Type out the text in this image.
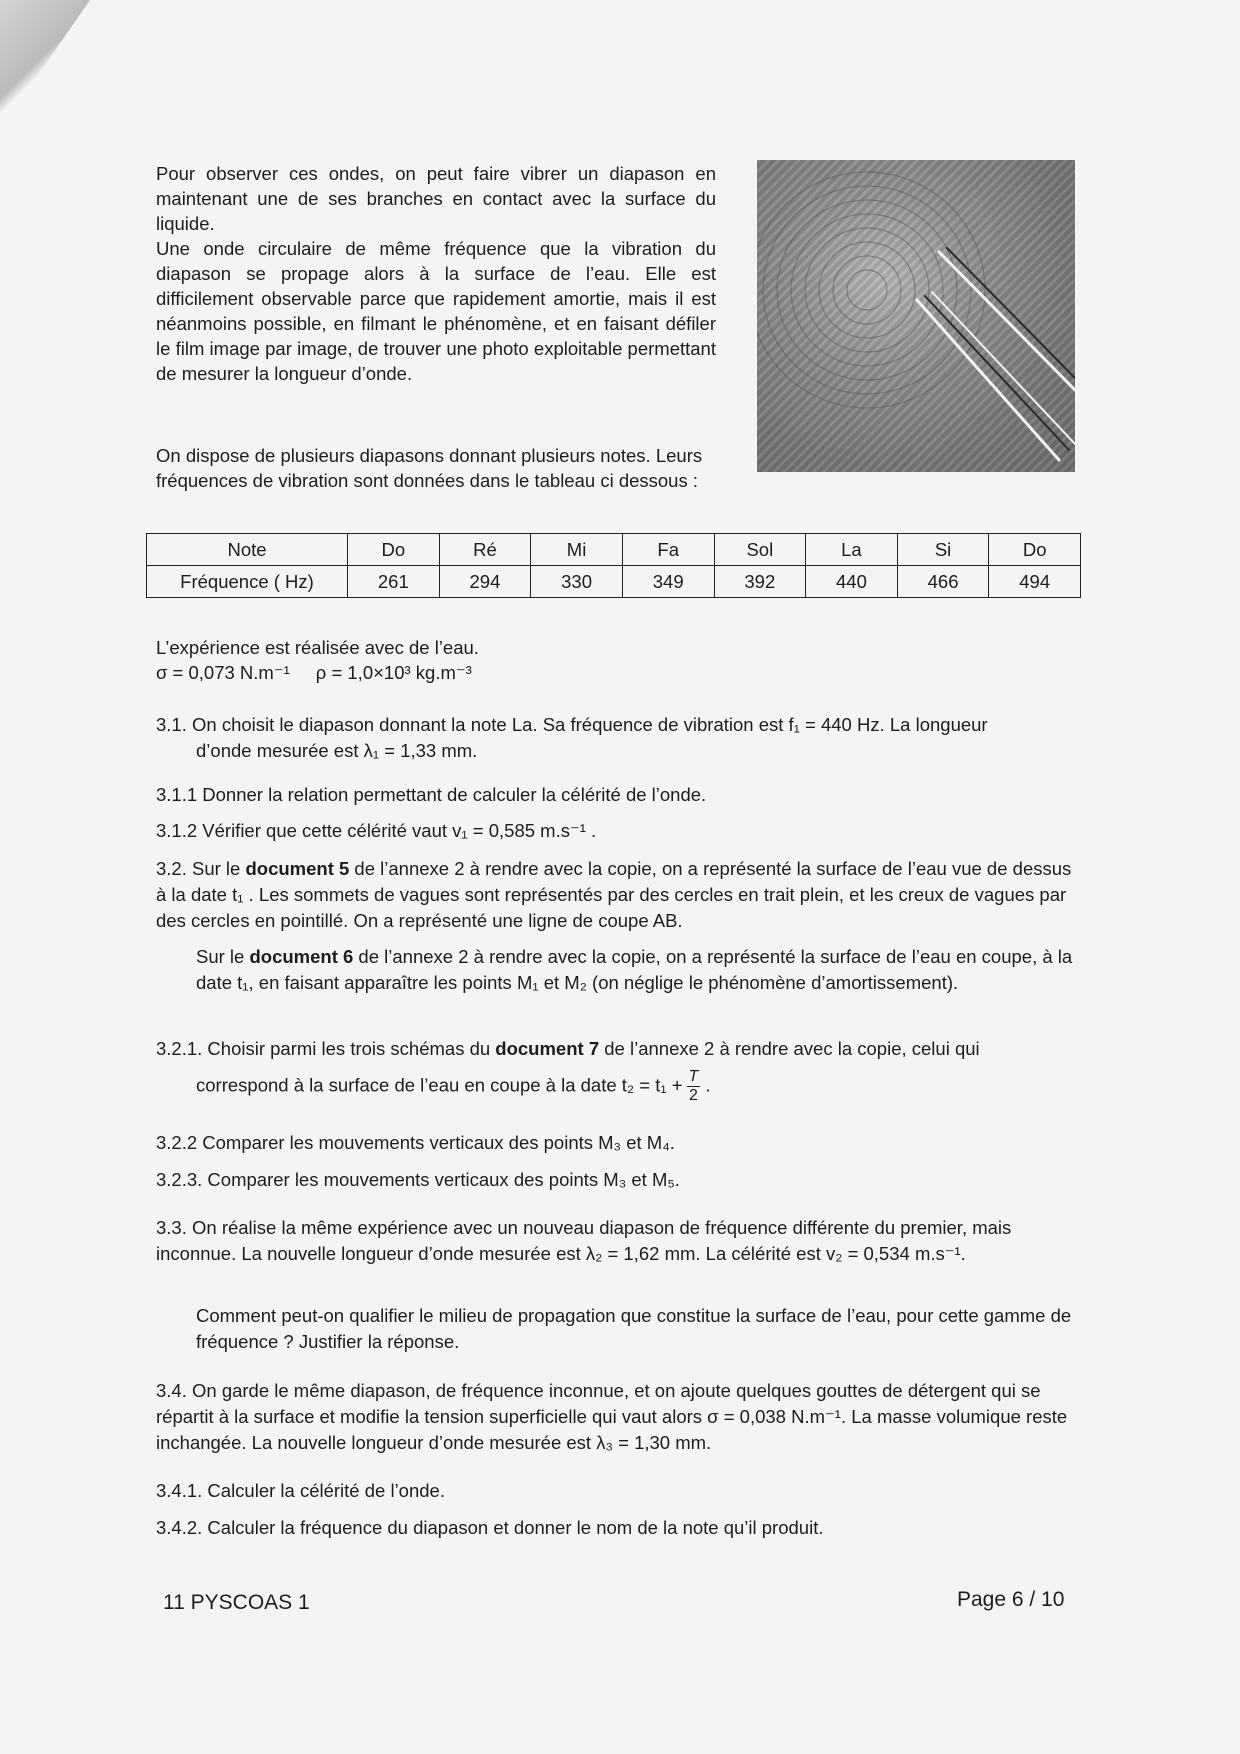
Pour observer ces ondes, on peut faire vibrer un diapason en maintenant une de ses branches en contact avec la surface du liquide.
Une onde circulaire de même fréquence que la vibration du diapason se propage alors à la surface de l’eau. Elle est difficilement observable parce que rapidement amortie, mais il est néanmoins possible, en filmant le phénomène, et en faisant défiler le film image par image, de trouver une photo exploitable permettant de mesurer la longueur d’onde.
On dispose de plusieurs diapasons donnant plusieurs notes. Leurs fréquences de vibration sont données dans le tableau ci dessous :
Note	Do	Ré	Mi	Fa	Sol	La	Si	Do
Fréquence ( Hz)	261	294	330	349	392	440	466	494
L’expérience est réalisée avec de l’eau.
σ = 0,073 N.m⁻¹ ρ = 1,0×10³ kg.m⁻³
3.1. On choisit le diapason donnant la note La. Sa fréquence de vibration est f₁ = 440 Hz. La longueur
d’onde mesurée est λ₁ = 1,33 mm.
3.1.1 Donner la relation permettant de calculer la célérité de l’onde.
3.1.2 Vérifier que cette célérité vaut v₁ = 0,585 m.s⁻¹ .
3.2. Sur le document 5 de l’annexe 2 à rendre avec la copie, on a représenté la surface de l’eau vue de dessus à la date t₁ . Les sommets de vagues sont représentés par des cercles en trait plein, et les creux de vagues par des cercles en pointillé. On a représenté une ligne de coupe AB.
Sur le document 6 de l’annexe 2 à rendre avec la copie, on a représenté la surface de l’eau en coupe, à la date t₁, en faisant apparaître les points M₁ et M₂ (on néglige le phénomène d’amortissement).
3.2.1. Choisir parmi les trois schémas du document 7 de l’annexe 2 à rendre avec la copie, celui qui
correspond à la surface de l’eau en coupe à la date $t_2 = t_1 + \frac{T}{2}$ .
3.2.2 Comparer les mouvements verticaux des points M₃ et M₄.
3.2.3. Comparer les mouvements verticaux des points M₃ et M₅.
3.3. On réalise la même expérience avec un nouveau diapason de fréquence différente du premier, mais inconnue. La nouvelle longueur d’onde mesurée est λ₂ = 1,62 mm. La célérité est v₂ = 0,534 m.s⁻¹.
Comment peut-on qualifier le milieu de propagation que constitue la surface de l’eau, pour cette gamme de fréquence ? Justifier la réponse.
3.4. On garde le même diapason, de fréquence inconnue, et on ajoute quelques gouttes de détergent qui se répartit à la surface et modifie la tension superficielle qui vaut alors σ = 0,038 N.m⁻¹. La masse volumique reste inchangée. La nouvelle longueur d’onde mesurée est λ₃ = 1,30 mm.
3.4.1. Calculer la célérité de l’onde.
3.4.2. Calculer la fréquence du diapason et donner le nom de la note qu’il produit.
11 PYSCOAS 1	Page 6 / 10
